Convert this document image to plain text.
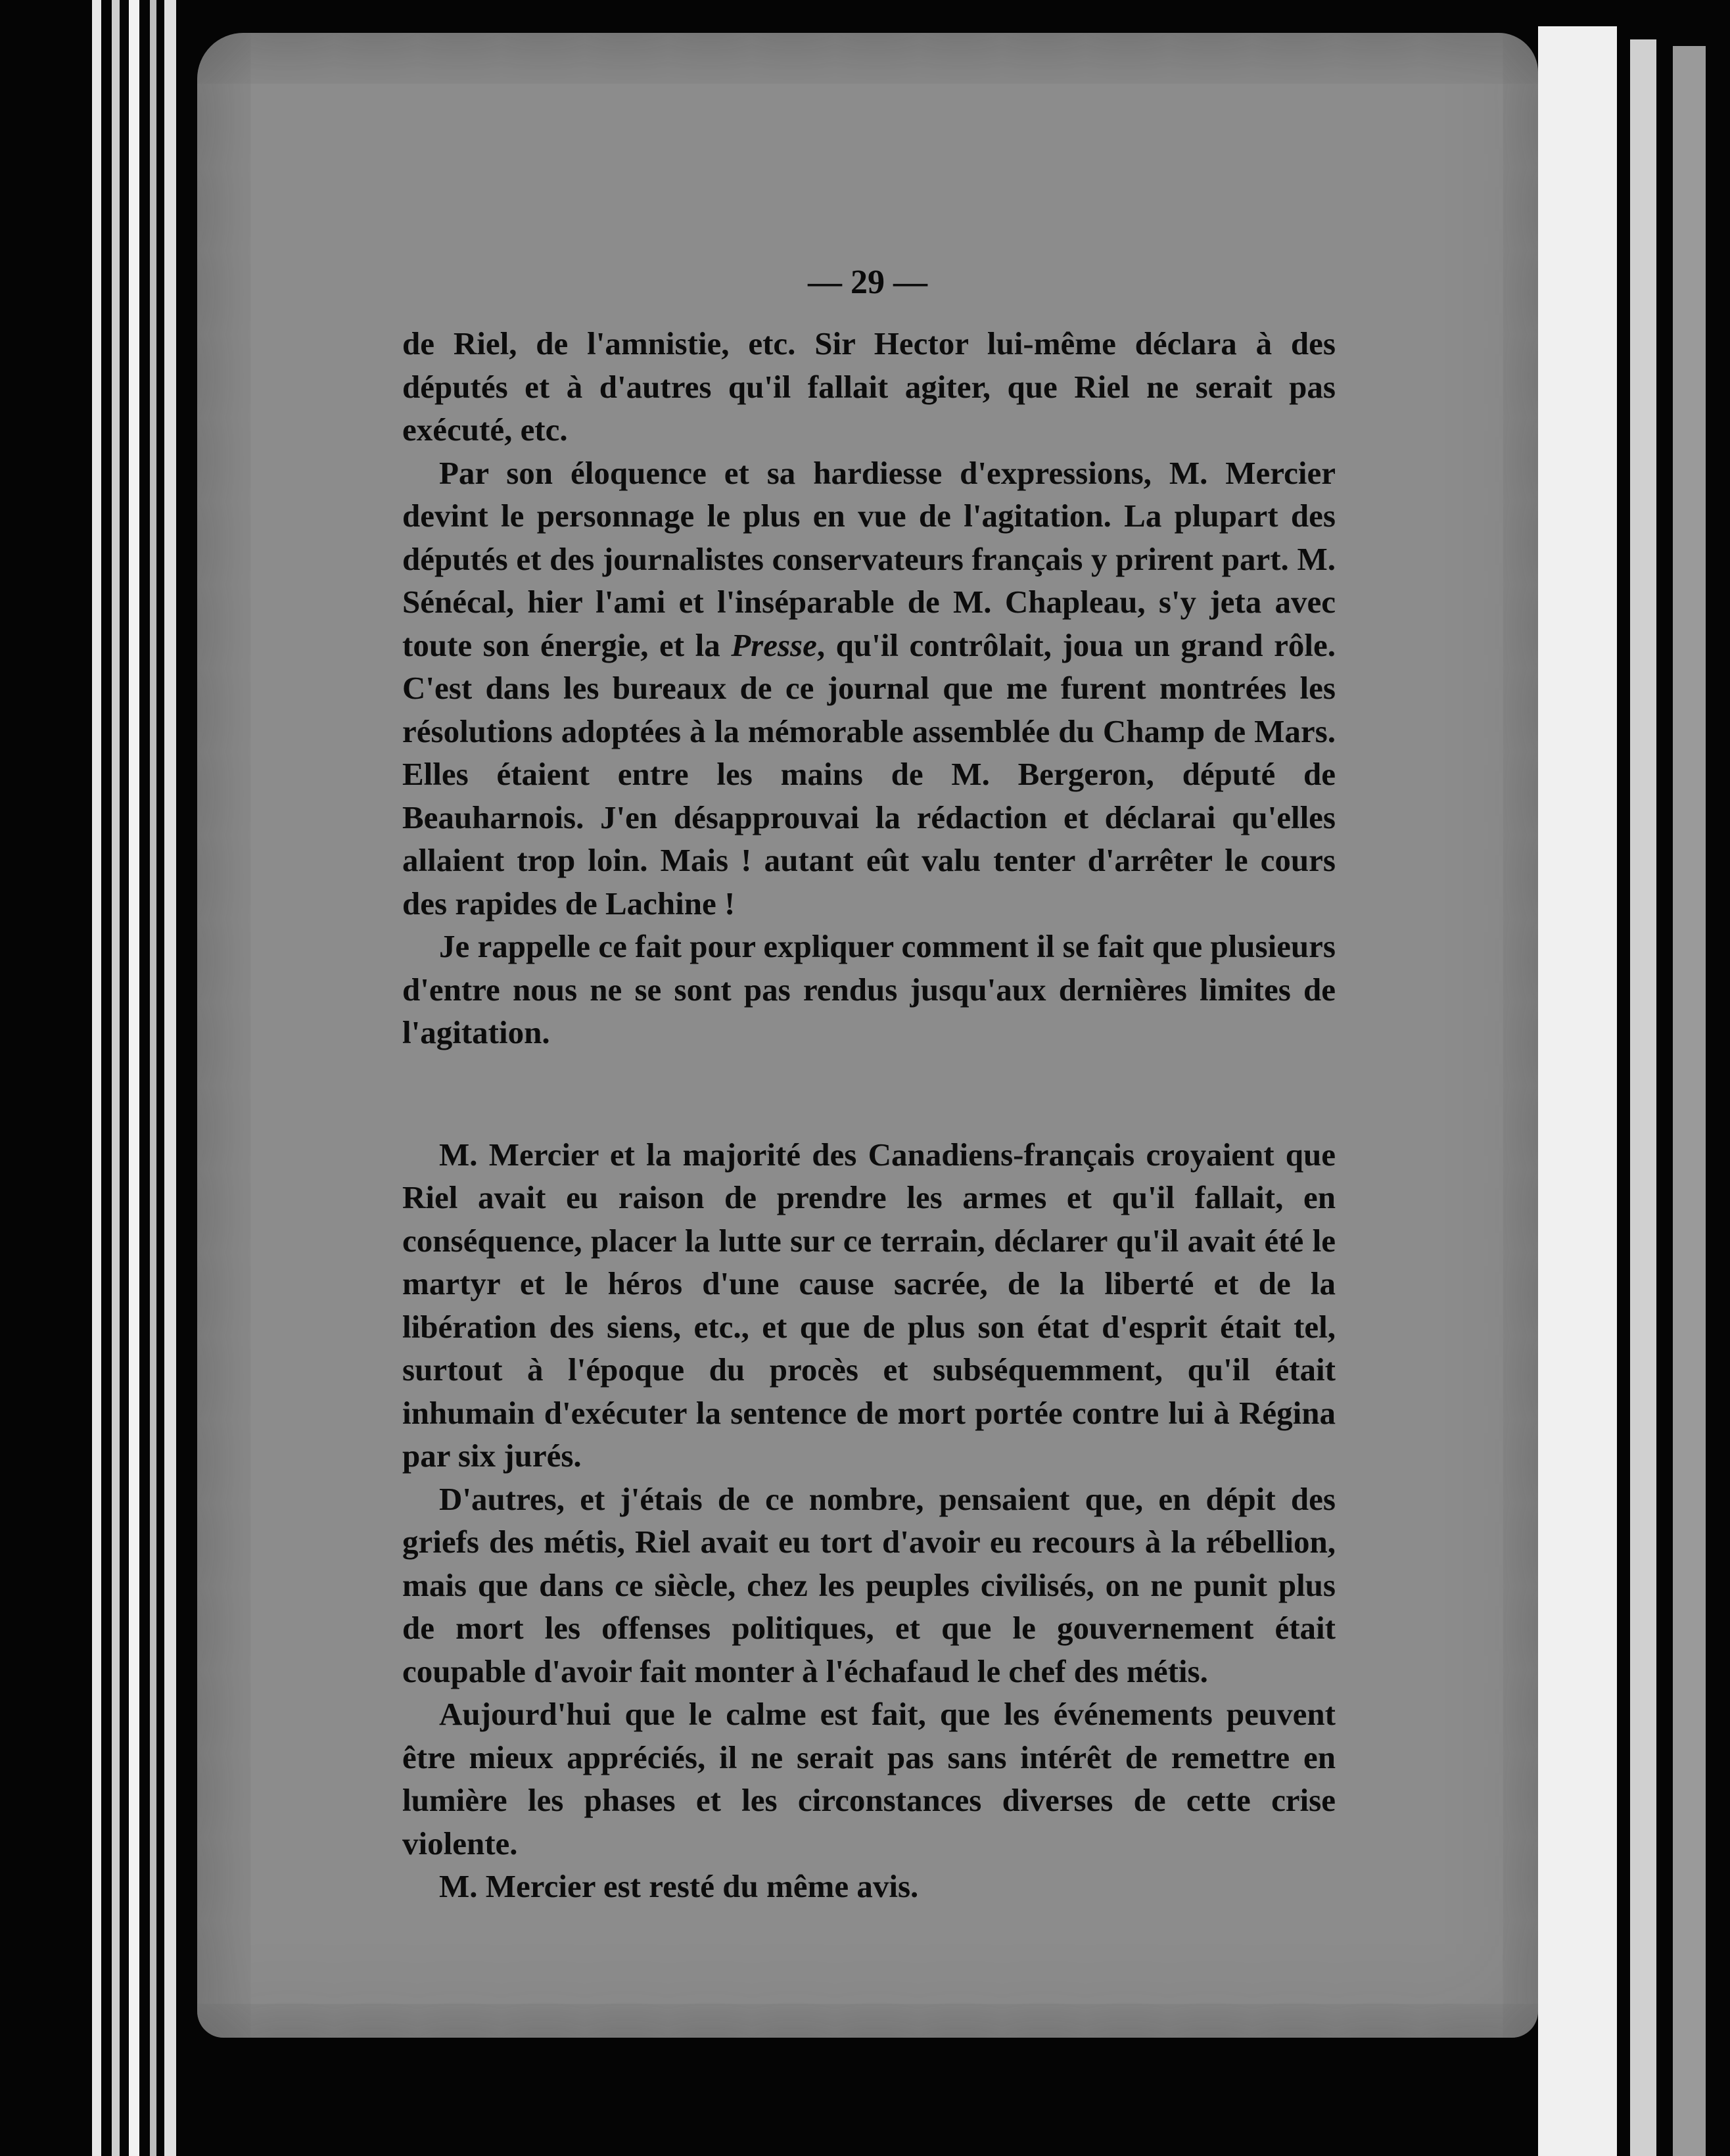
— 29 —

de Riel, de l'amnistie, etc. Sir Hector lui-même déclara à des députés et à d'autres qu'il fallait agiter, que Riel ne serait pas exécuté, etc.

Par son éloquence et sa hardiesse d'expressions, M. Mercier devint le personnage le plus en vue de l'agitation. La plupart des députés et des journalistes conservateurs français y prirent part. M. Sénécal, hier l'ami et l'inséparable de M. Chapleau, s'y jeta avec toute son énergie, et la Presse, qu'il contrôlait, joua un grand rôle. C'est dans les bureaux de ce journal que me furent montrées les résolutions adoptées à la mémorable assemblée du Champ de Mars. Elles étaient entre les mains de M. Bergeron, député de Beauharnois. J'en désapprouvai la rédaction et déclarai qu'elles allaient trop loin. Mais ! autant eût valu tenter d'arrêter le cours des rapides de Lachine !

Je rappelle ce fait pour expliquer comment il se fait que plusieurs d'entre nous ne se sont pas rendus jusqu'aux dernières limites de l'agitation.

M. Mercier et la majorité des Canadiens-français croyaient que Riel avait eu raison de prendre les armes et qu'il fallait, en conséquence, placer la lutte sur ce terrain, déclarer qu'il avait été le martyr et le héros d'une cause sacrée, de la liberté et de la libération des siens, etc., et que de plus son état d'esprit était tel, surtout à l'époque du procès et subséquemment, qu'il était inhumain d'exécuter la sentence de mort portée contre lui à Régina par six jurés.

D'autres, et j'étais de ce nombre, pensaient que, en dépit des griefs des métis, Riel avait eu tort d'avoir eu recours à la rébellion, mais que dans ce siècle, chez les peuples civilisés, on ne punit plus de mort les offenses politiques, et que le gouvernement était coupable d'avoir fait monter à l'échafaud le chef des métis.

Aujourd'hui que le calme est fait, que les événements peuvent être mieux appréciés, il ne serait pas sans intérêt de remettre en lumière les phases et les circonstances diverses de cette crise violente.

M. Mercier est resté du même avis.
